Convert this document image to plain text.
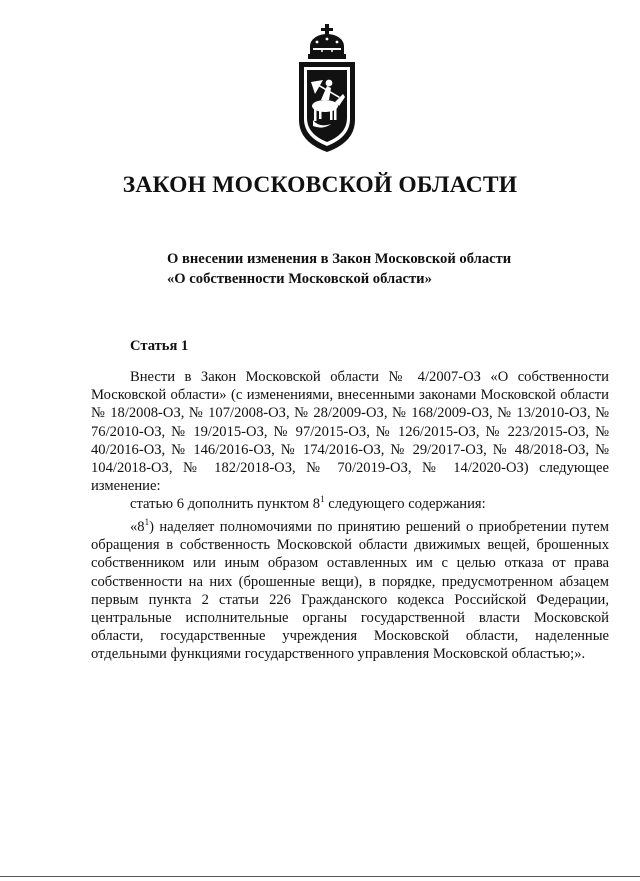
ЗАКОН МОСКОВСКОЙ ОБЛАСТИ
О внесении изменения в Закон Московской области
«О собственности Московской области»
Статья 1

Внести в Закон Московской области № 4/2007-ОЗ «О собственности Московской области» (с изменениями, внесенными законами Московской области № 18/2008-ОЗ, № 107/2008-ОЗ, № 28/2009-ОЗ, № 168/2009-ОЗ, № 13/2010-ОЗ, № 76/2010-ОЗ, № 19/2015-ОЗ, № 97/2015-ОЗ, № 126/2015-ОЗ, № 223/2015-ОЗ, № 40/2016-ОЗ, № 146/2016-ОЗ, № 174/2016-ОЗ, № 29/2017-ОЗ, № 48/2018-ОЗ, № 104/2018-ОЗ, № 182/2018-ОЗ, № 70/2019-ОЗ, № 14/2020-ОЗ) следующее изменение:

статью 6 дополнить пунктом $8^1$ следующего содержания:

«$8^1$) наделяет полномочиями по принятию решений о приобретении путем обращения в собственность Московской области движимых вещей, брошенных собственником или иным образом оставленных им с целью отказа от права собственности на них (брошенные вещи), в порядке, предусмотренном абзацем первым пункта 2 статьи 226 Гражданского кодекса Российской Федерации, центральные исполнительные органы государственной власти Московской области, государственные учреждения Московской области, наделенные отдельными функциями государственного управления Московской областью;».
